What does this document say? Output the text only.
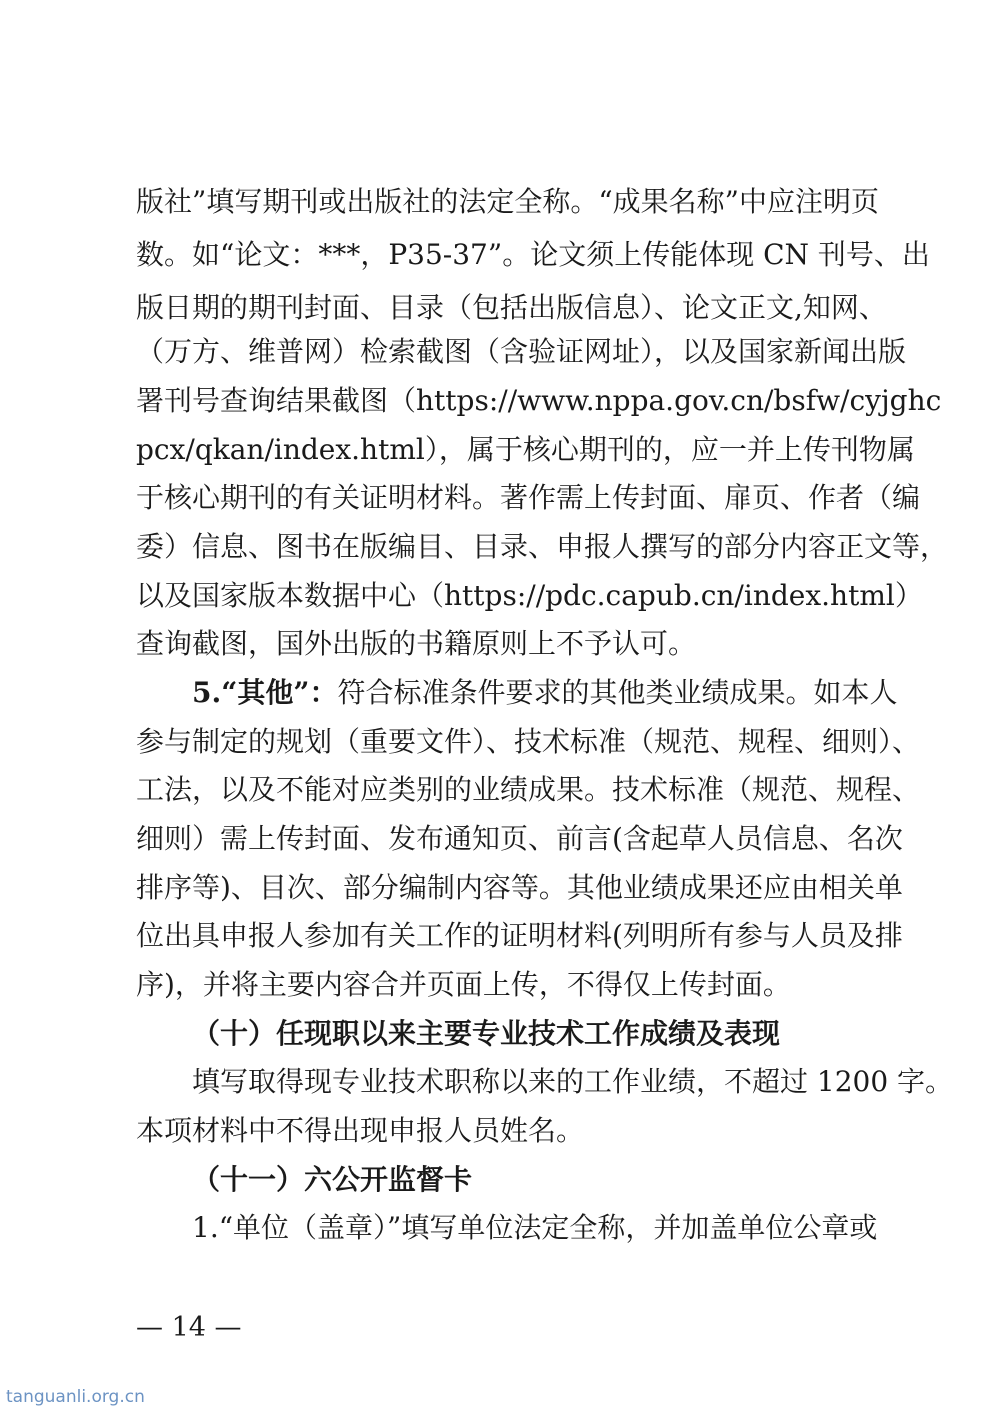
版社”填写期刊或出版社的法定全称。“成果名称”中应注明页
数。如“论文：***，P35-37”。论文须上传能体现 CN 刊号、出
版日期的期刊封面、目录（包括出版信息）、论文正文,知网、
（万方、维普网）检索截图（含验证网址），以及国家新闻出版
署刊号查询结果截图（https://www.nppa.gov.cn/bsfw/cyjghc
pcx/qkan/index.html），属于核心期刊的，应一并上传刊物属
于核心期刊的有关证明材料。著作需上传封面、扉页、作者（编
委）信息、图书在版编目、目录、申报人撰写的部分内容正文等，
以及国家版本数据中心（https://pdc.capub.cn/index.html）
查询截图，国外出版的书籍原则上不予认可。
5.“其他”：符合标准条件要求的其他类业绩成果。如本人
参与制定的规划（重要文件）、技术标准（规范、规程、细则）、
工法，以及不能对应类别的业绩成果。技术标准（规范、规程、
细则）需上传封面、发布通知页、前言(含起草人员信息、名次
排序等)、目次、部分编制内容等。其他业绩成果还应由相关单
位出具申报人参加有关工作的证明材料(列明所有参与人员及排
序)，并将主要内容合并页面上传，不得仅上传封面。
（十）任现职以来主要专业技术工作成绩及表现
填写取得现专业技术职称以来的工作业绩，不超过 1200 字。
本项材料中不得出现申报人员姓名。
（十一）六公开监督卡
1.“单位（盖章）”填写单位法定全称，并加盖单位公章或
— 14 —
tanguanli.org.cn
